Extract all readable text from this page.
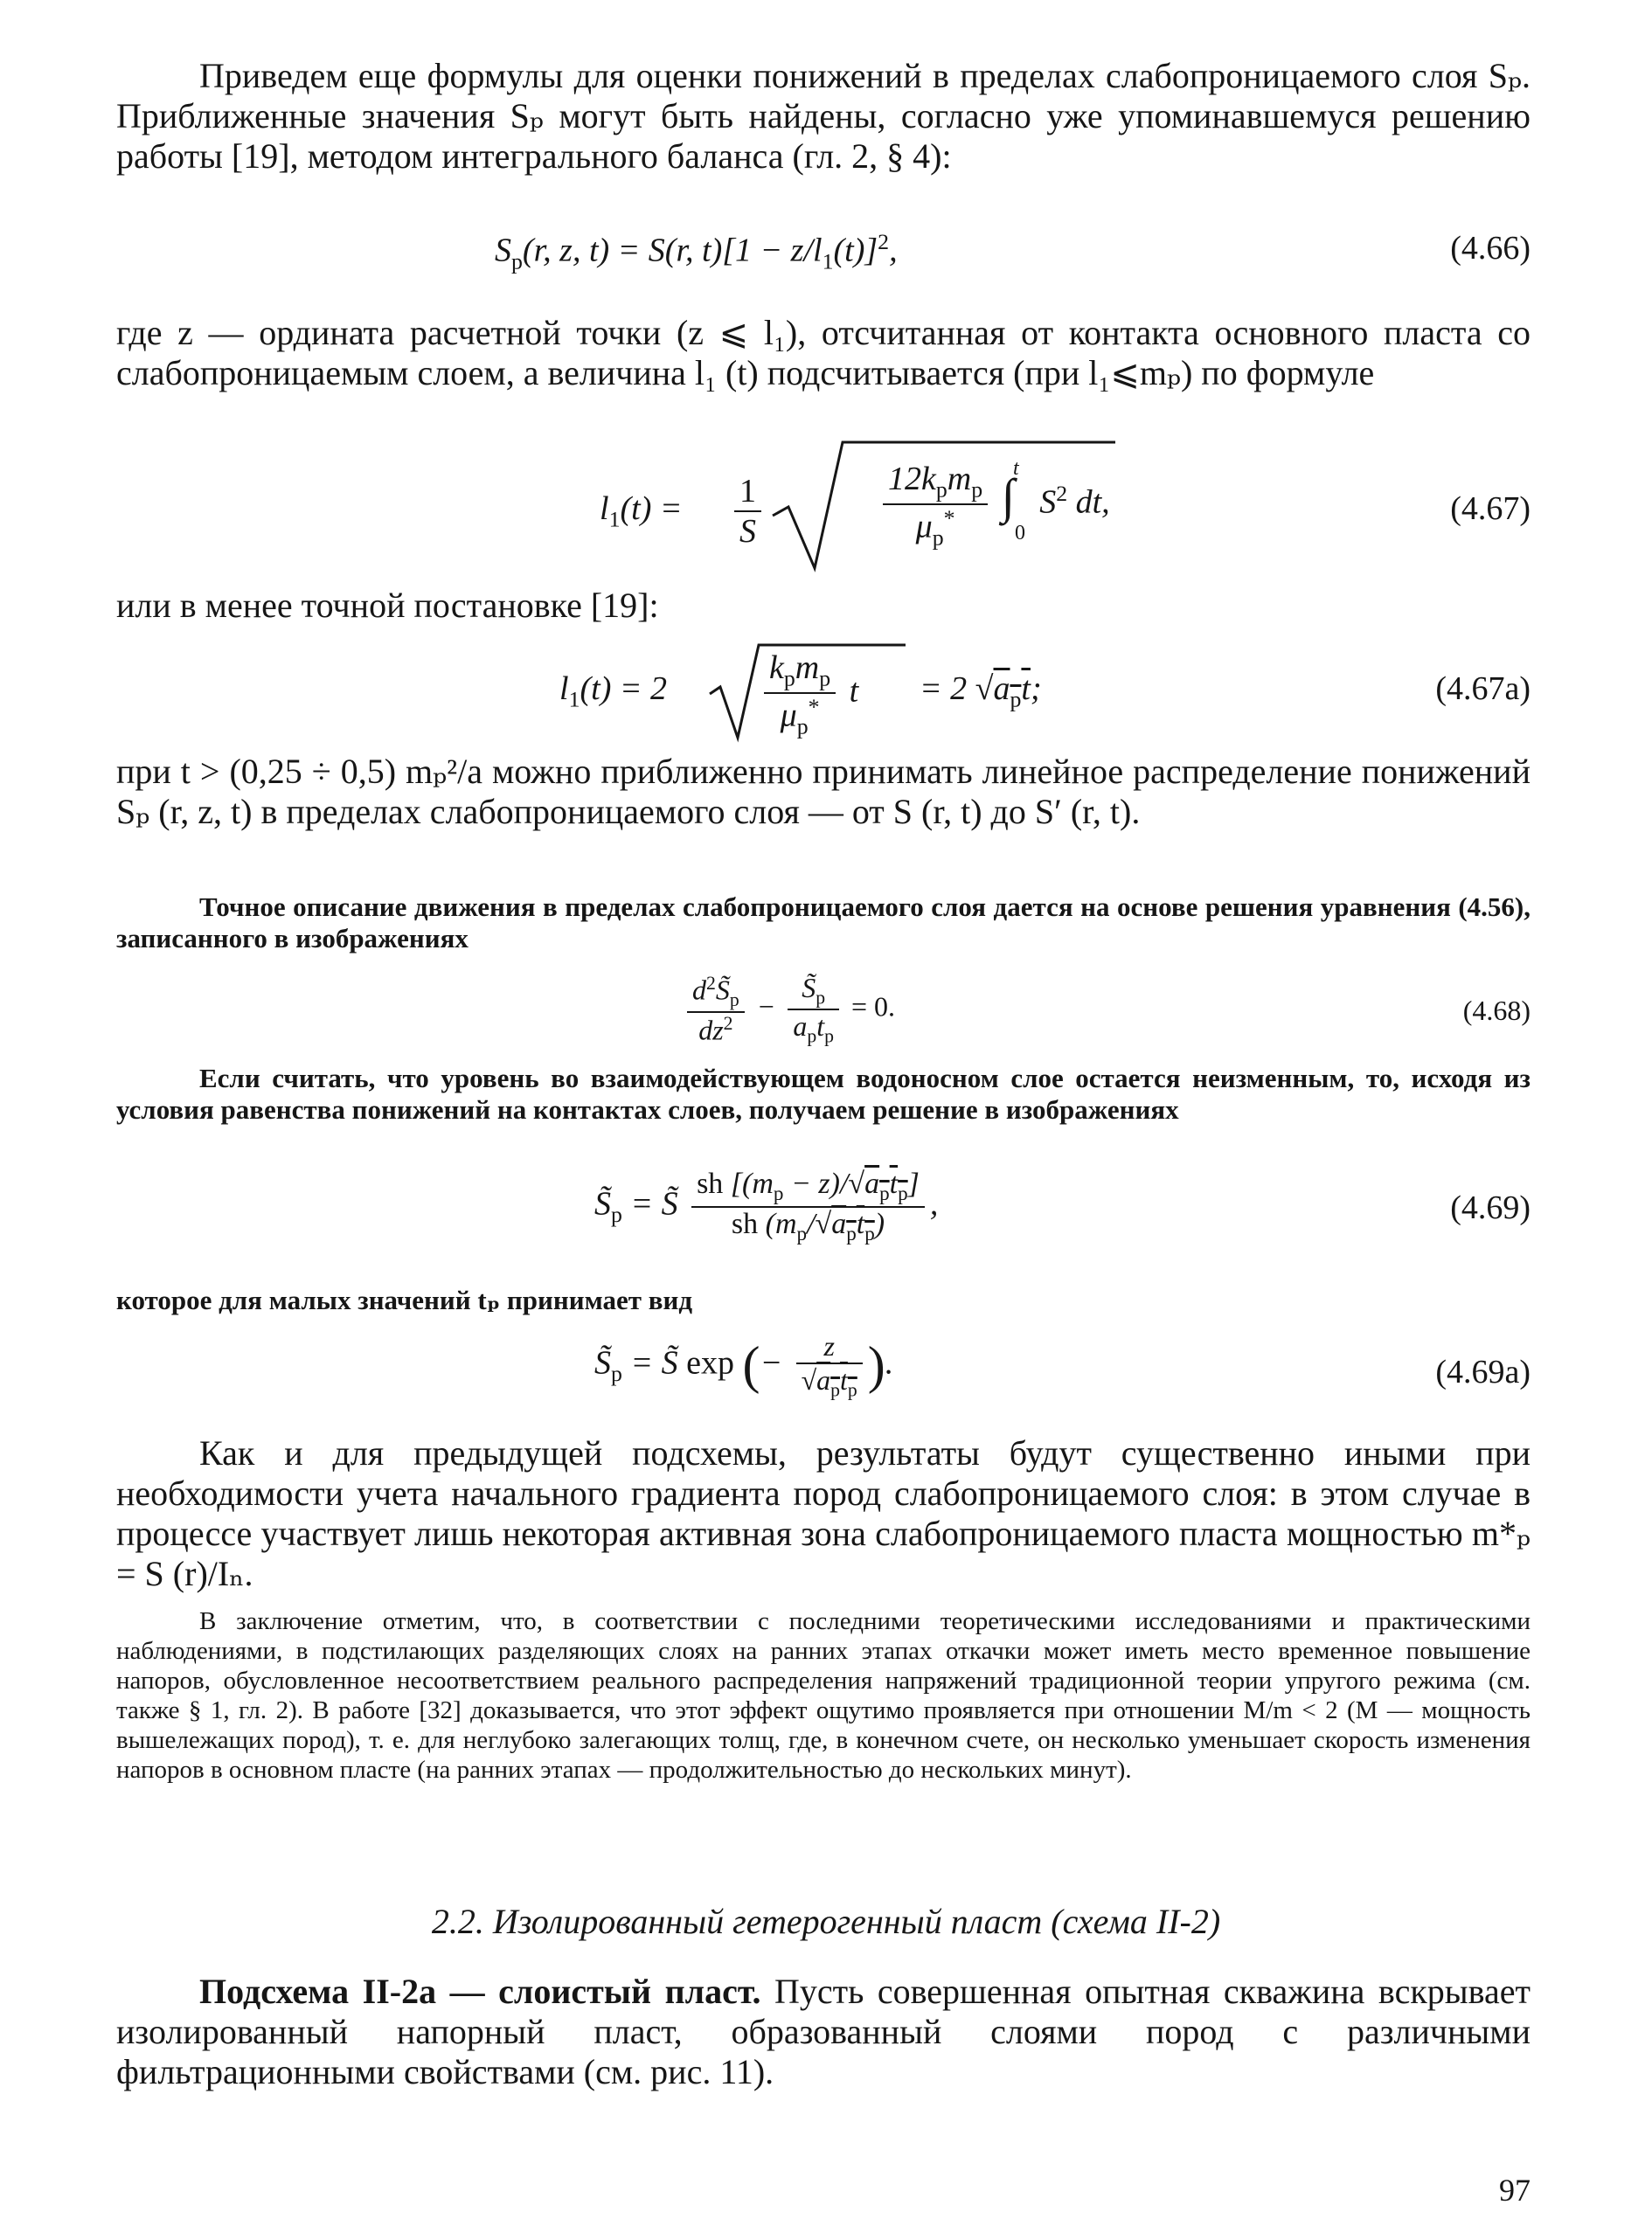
Приведем еще формулы для оценки понижений в пределах слабопроницаемого слоя Sₚ. Приближенные значения Sₚ могут быть найдены, согласно уже упоминавшемуся решению работы [19], методом интегрального баланса (гл. 2, § 4):

$S_р(r$, z, t) = S(r, $t)[1 - z/l_1(t)]^2$,	(4.66)

где z — ордината расчетной точки (z ⩽ l₁), отсчитанная от контакта основного пласта со слабопроницаемым слоем, а величина l₁ (t) подсчитывается (при l₁⩽mₚ) по формуле

$l_1(t) = \frac{1}{S}$	$\frac{12k_рm_р}{\mu_р^*} \int_0^t$ $S^2$ dt,	(4.67)

или в менее точной постановке [19]:

$l_1(t) = 2$	$\frac{k_рm_р}{\mu_р^*}$ t = 2 $√a_рt$;	(4.67а)

при t > (0,25 ÷ 0,5) mₚ²/a можно приближенно принимать линейное распределение понижений Sₚ (r, z, t) в пределах слабопроницаемого слоя — от S (r, t) до S′ (r, t).

Точное описание движения в пределах слабопроницаемого слоя дается на основе решения уравнения (4.56), записанного в изображениях

$\frac{d^2S̃_р}{dz^2} - \frac{S̃_р}{a_рt_р} = 0$.	(4.68)

Если считать, что уровень во взаимодействующем водоносном слое остается неизменным, то, исходя из условия равенства понижений на контактах слоев, получаем решение в изображениях

$S̃_р$ = S̃ $\frac{sh [(m_р - z)/√a_рt_р]}{sh (m_р/√a_рt_р)}$ ,	(4.69)

которое для малых значений tₚ принимает вид

$S̃_р$ = S̃ exp (− $\frac{z}{√a_рt_р}$ ).	(4.69а)

Как и для предыдущей подсхемы, результаты будут существенно иными при необходимости учета начального градиента пород слабопроницаемого слоя: в этом случае в процессе участвует лишь некоторая активная зона слабопроницаемого пласта мощностью m*ₚ = S (r)/Iₙ.

В заключение отметим, что, в соответствии с последними теоретическими исследованиями и практическими наблюдениями, в подстилающих разделяющих слоях на ранних этапах откачки может иметь место временное повышение напоров, обусловленное несоответствием реального распределения напряжений традиционной теории упругого режима (см. также § 1, гл. 2). В работе [32] доказывается, что этот эффект ощутимо проявляется при отношении M/m < 2 (M — мощность вышележащих пород), т. е. для неглубоко залегающих толщ, где, в конечном счете, он несколько уменьшает скорость изменения напоров в основном пласте (на ранних этапах — продолжительностью до нескольких минут).

2.2. Изолированный гетерогенный пласт (схема II-2)

Подсхема II-2а — слоистый пласт. Пусть совершенная опытная скважина вскрывает изолированный напорный пласт, образованный слоями пород с различными фильтрационными свойствами (см. рис. 11).

97
